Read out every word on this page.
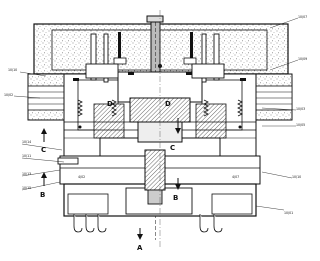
C	C
D	D
B	B
A
4/02	4/07
10/10
10/02
10/14
10/11
10/13
10/15
10/07
10/09
10/03
10/05
10/10
10/01
